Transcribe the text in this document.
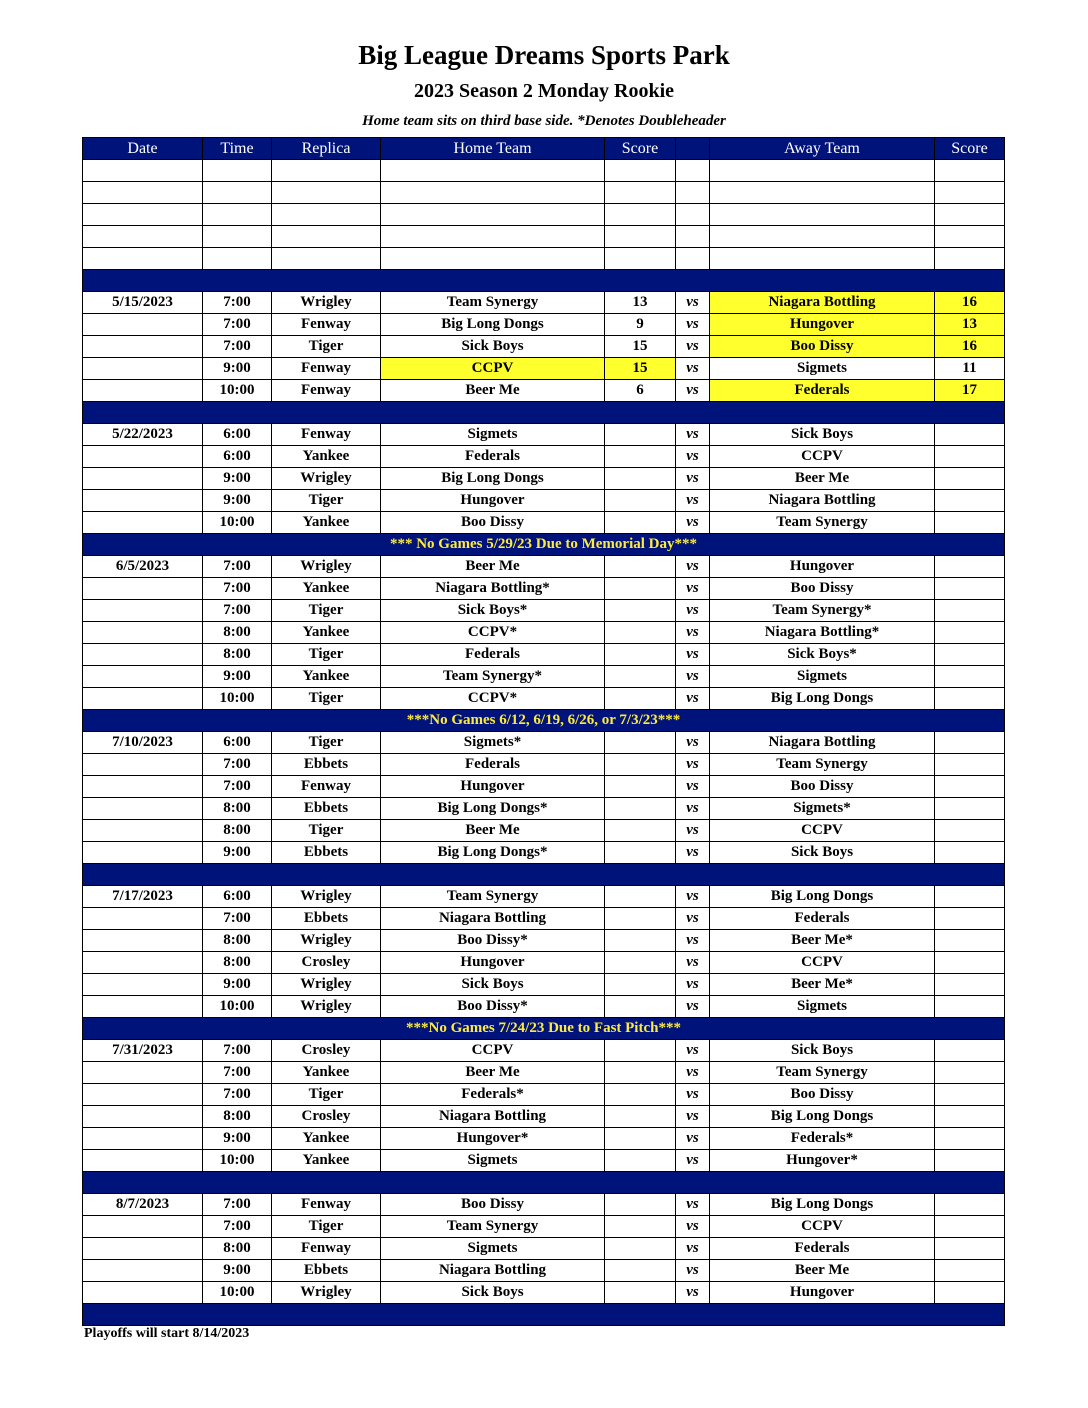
Big League Dreams Sports Park
2023 Season 2 Monday Rookie
Home team sits on third base side. *Denotes Doubleheader
Date	Time	Replica	Home Team	Score		Away Team	Score

5/15/2023	7:00	Wrigley	Team Synergy	13	vs	Niagara Bottling	16
	7:00	Fenway	Big Long Dongs	9	vs	Hungover	13
	7:00	Tiger	Sick Boys	15	vs	Boo Dissy	16
	9:00	Fenway	CCPV	15	vs	Sigmets	11
	10:00	Fenway	Beer Me	6	vs	Federals	17

5/22/2023	6:00	Fenway	Sigmets		vs	Sick Boys	
	6:00	Yankee	Federals		vs	CCPV	
	9:00	Wrigley	Big Long Dongs		vs	Beer Me	
	9:00	Tiger	Hungover		vs	Niagara Bottling	
	10:00	Yankee	Boo Dissy		vs	Team Synergy	
*** No Games 5/29/23 Due to Memorial Day***							
6/5/2023	7:00	Wrigley	Beer Me		vs	Hungover	
	7:00	Yankee	Niagara Bottling*		vs	Boo Dissy	
	7:00	Tiger	Sick Boys*		vs	Team Synergy*	
	8:00	Yankee	CCPV*		vs	Niagara Bottling*	
	8:00	Tiger	Federals		vs	Sick Boys*	
	9:00	Yankee	Team Synergy*		vs	Sigmets	
	10:00	Tiger	CCPV*		vs	Big Long Dongs	
***No Games 6/12, 6/19, 6/26, or 7/3/23***							
7/10/2023	6:00	Tiger	Sigmets*		vs	Niagara Bottling	
	7:00	Ebbets	Federals		vs	Team Synergy	
	7:00	Fenway	Hungover		vs	Boo Dissy	
	8:00	Ebbets	Big Long Dongs*		vs	Sigmets*	
	8:00	Tiger	Beer Me		vs	CCPV	
	9:00	Ebbets	Big Long Dongs*		vs	Sick Boys	

7/17/2023	6:00	Wrigley	Team Synergy		vs	Big Long Dongs	
	7:00	Ebbets	Niagara Bottling		vs	Federals	
	8:00	Wrigley	Boo Dissy*		vs	Beer Me*	
	8:00	Crosley	Hungover		vs	CCPV	
	9:00	Wrigley	Sick Boys		vs	Beer Me*	
	10:00	Wrigley	Boo Dissy*		vs	Sigmets	
***No Games 7/24/23 Due to Fast Pitch***							
7/31/2023	7:00	Crosley	CCPV		vs	Sick Boys	
	7:00	Yankee	Beer Me		vs	Team Synergy	
	7:00	Tiger	Federals*		vs	Boo Dissy	
	8:00	Crosley	Niagara Bottling		vs	Big Long Dongs	
	9:00	Yankee	Hungover*		vs	Federals*	
	10:00	Yankee	Sigmets		vs	Hungover*	

8/7/2023	7:00	Fenway	Boo Dissy		vs	Big Long Dongs	
	7:00	Tiger	Team Synergy		vs	CCPV	
	8:00	Fenway	Sigmets		vs	Federals	
	9:00	Ebbets	Niagara Bottling		vs	Beer Me	
	10:00	Wrigley	Sick Boys		vs	Hungover	

Playoffs will start 8/14/2023
